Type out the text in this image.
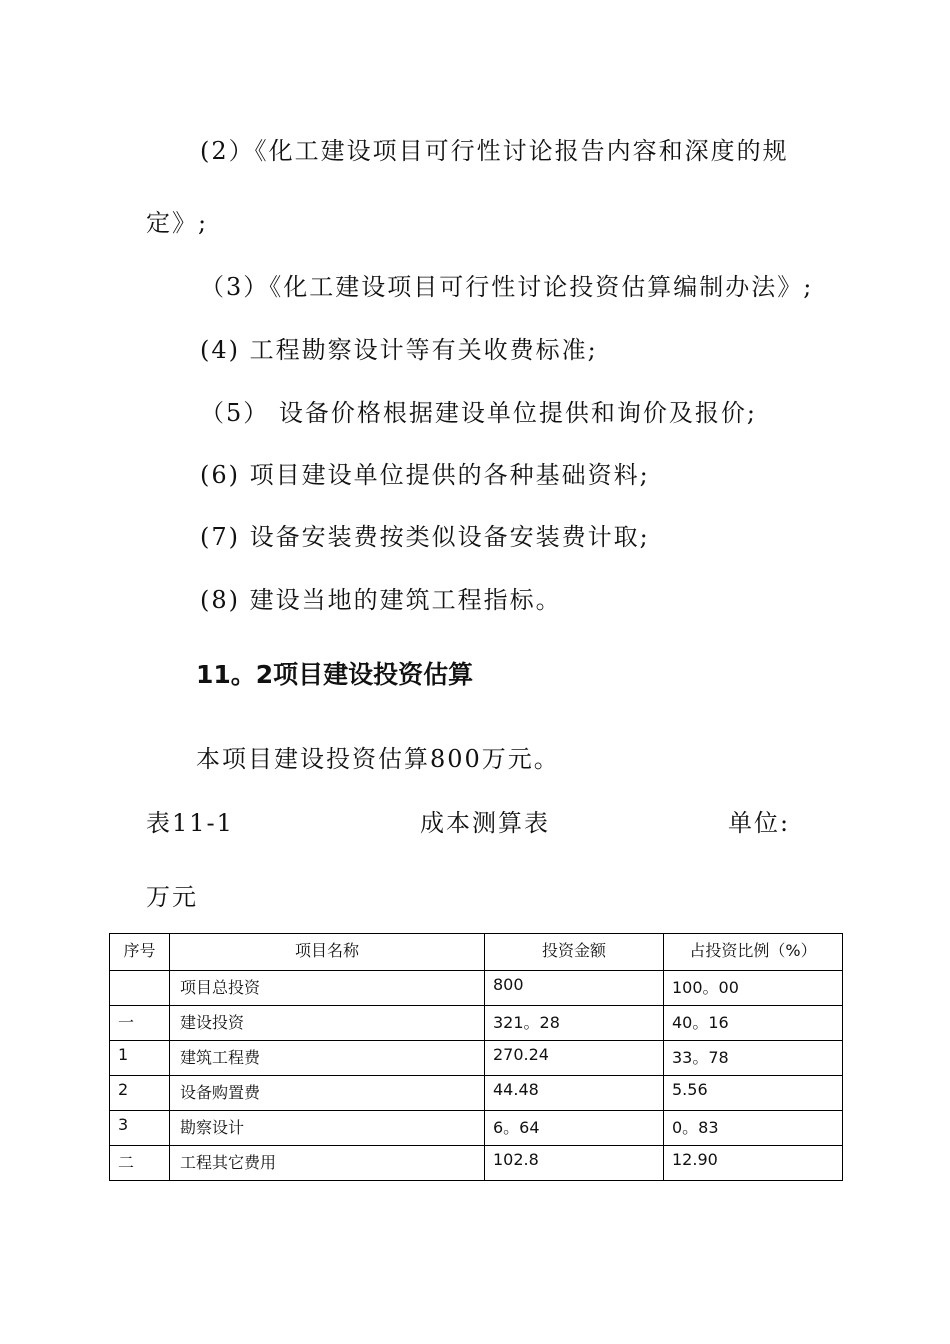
(2）《化工建设项目可行性讨论报告内容和深度的规
定》;
（3）《化工建设项目可行性讨论投资估算编制办法》;
(4) 工程勘察设计等有关收费标准;
（5） 设备价格根据建设单位提供和询价及报价;
(6) 项目建设单位提供的各种基础资料;
(7) 设备安装费按类似设备安装费计取;
(8) 建设当地的建筑工程指标。
11。2项目建设投资估算
本项目建设投资估算800万元。
表11-1	成本测算表	单位:
万元
序号	项目名称	投资金额	占投资比例（%）
	项目总投资	800	100。00
一	建设投资	321。28	40。16
1	建筑工程费	270.24	33。78
2	设备购置费	44.48	5.56
3	勘察设计	6。64	0。83
二	工程其它费用	102.8	12.90
